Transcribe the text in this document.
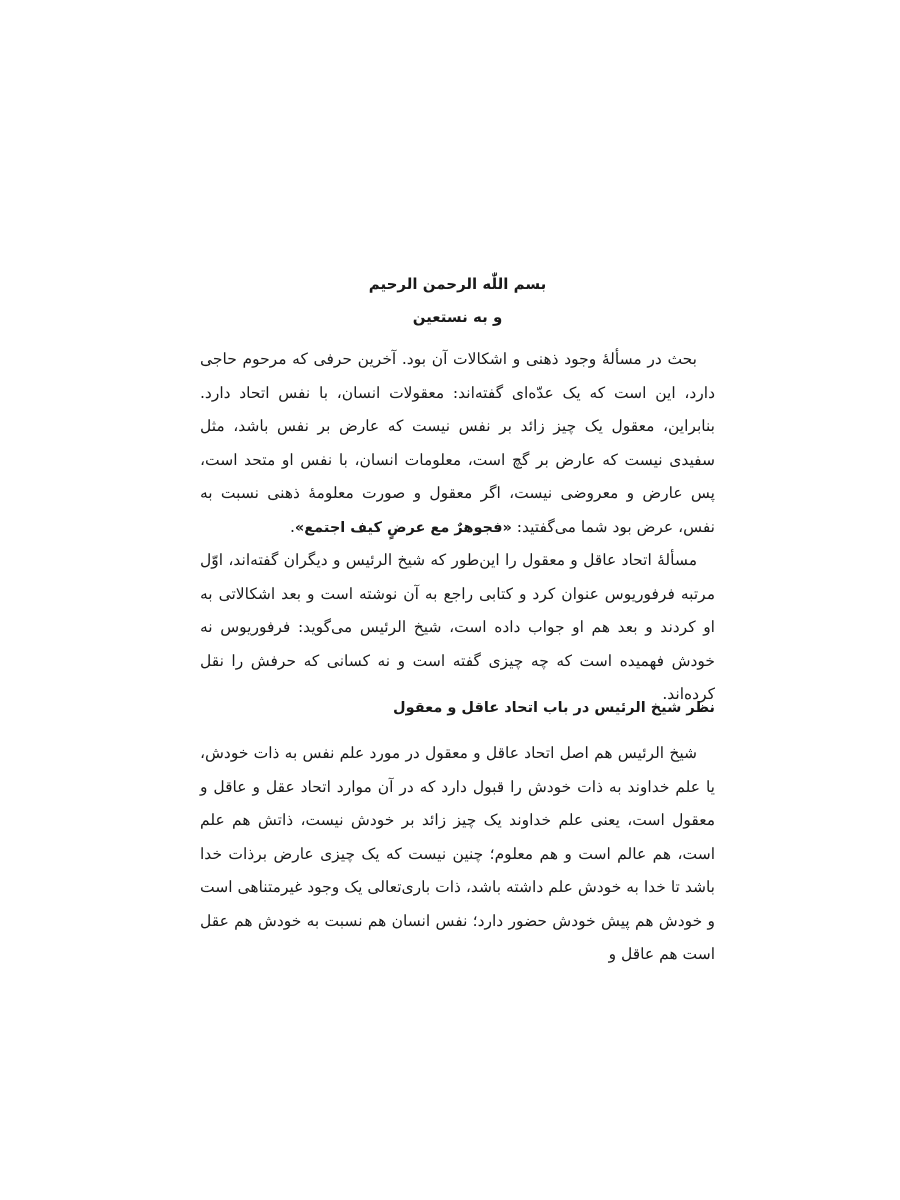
بسم اللّٰه الرحمن الرحیم
و به نستعین

بحث در مسألۀ وجود ذهنی و اشکالات آن بود. آخرین حرفی که مرحوم حاجی دارد، این است که یک عدّه‌ای گفته‌اند: معقولات انسان، با نفس اتحاد دارد. بنابراین، معقول یک چیز زائد بر نفس نیست که عارض بر نفس باشد، مثل سفیدی نیست که عارض بر گچ است، معلومات انسان، با نفس او متحد است، پس عارض و معروضی نیست، اگر معقول و صورت معلومۀ ذهنی نسبت به نفس، عرض بود شما می‌گفتید: «فجوهرٌ مع عرضٍ کیف اجتمع».

مسألۀ اتحاد عاقل و معقول را این‌طور که شیخ الرئیس و دیگران گفته‌اند، اوّل مرتبه فرفوریوس عنوان کرد و کتابی راجع به آن نوشته است و بعد اشکالاتی به او کردند و بعد هم او جواب داده است، شیخ الرئیس می‌گوید: فرفوریوس نه خودش فهمیده است که چه چیزی گفته است و نه کسانی که حرفش را نقل کرده‌اند.

نظر شیخ الرئیس در باب اتحاد عاقل و معقول

شیخ الرئیس هم اصل اتحاد عاقل و معقول در مورد علم نفس به ذات خودش، یا علم خداوند به ذات خودش را قبول دارد که در آن موارد اتحاد عقل و عاقل و معقول است، یعنی علم خداوند یک چیز زائد بر خودش نیست، ذاتش هم علم است، هم عالم است و هم معلوم؛ چنین نیست که یک چیزی عارض برذات خدا باشد تا خدا به خودش علم داشته باشد، ذات باری‌تعالی یک وجود غیرمتناهی است و خودش هم پیش خودش حضور دارد؛ نفس انسان هم نسبت به خودش هم عقل است هم عاقل و
